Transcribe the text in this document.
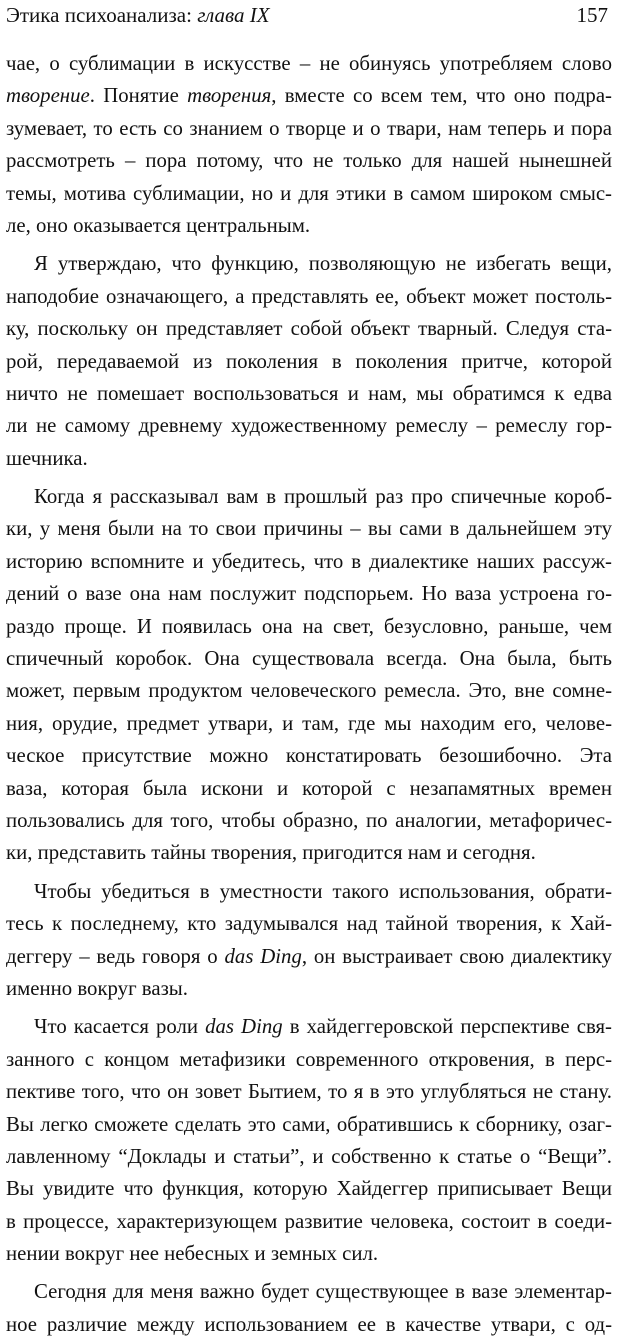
Этика психоанализа: глава IX	157
чае, о сублимации в искусстве – не обинуясь употребляем слово
творение. Понятие творения, вместе со всем тем, что оно подра-
зумевает, то есть со знанием о творце и о твари, нам теперь и пора
рассмотреть – пора потому, что не только для нашей нынешней
темы, мотива сублимации, но и для этики в самом широком смыс-
ле, оно оказывается центральным.
Я утверждаю, что функцию, позволяющую не избегать вещи,
наподобие означающего, а представлять ее, объект может постоль-
ку, поскольку он представляет собой объект тварный. Следуя ста-
рой, передаваемой из поколения в поколения притче, которой
ничто не помешает воспользоваться и нам, мы обратимся к едва
ли не самому древнему художественному ремеслу – ремеслу гор-
шечника.
Когда я рассказывал вам в прошлый раз про спичечные короб-
ки, у меня были на то свои причины – вы сами в дальнейшем эту
историю вспомните и убедитесь, что в диалектике наших рассуж-
дений о вазе она нам послужит подспорьем. Но ваза устроена го-
раздо проще. И появилась она на свет, безусловно, раньше, чем
спичечный коробок. Она существовала всегда. Она была, быть
может, первым продуктом человеческого ремесла. Это, вне сомне-
ния, орудие, предмет утвари, и там, где мы находим его, челове-
ческое присутствие можно констатировать безошибочно. Эта
ваза, которая была искони и которой с незапамятных времен
пользовались для того, чтобы образно, по аналогии, метафоричес-
ки, представить тайны творения, пригодится нам и сегодня.
Чтобы убедиться в уместности такого использования, обрати-
тесь к последнему, кто задумывался над тайной творения, к Хай-
деггеру – ведь говоря о das Ding, он выстраивает свою диалектику
именно вокруг вазы.
Что касается роли das Ding в хайдеггеровской перспективе свя-
занного с концом метафизики современного откровения, в перс-
пективе того, что он зовет Бытием, то я в это углубляться не стану.
Вы легко сможете сделать это сами, обратившись к сборнику, озаг-
лавленному “Доклады и статьи”, и собственно к статье о “Вещи”.
Вы увидите что функция, которую Хайдеггер приписывает Вещи
в процессе, характеризующем развитие человека, состоит в соеди-
нении вокруг нее небесных и земных сил.
Сегодня для меня важно будет существующее в вазе элементар-
ное различие между использованием ее в качестве утвари, с од-
